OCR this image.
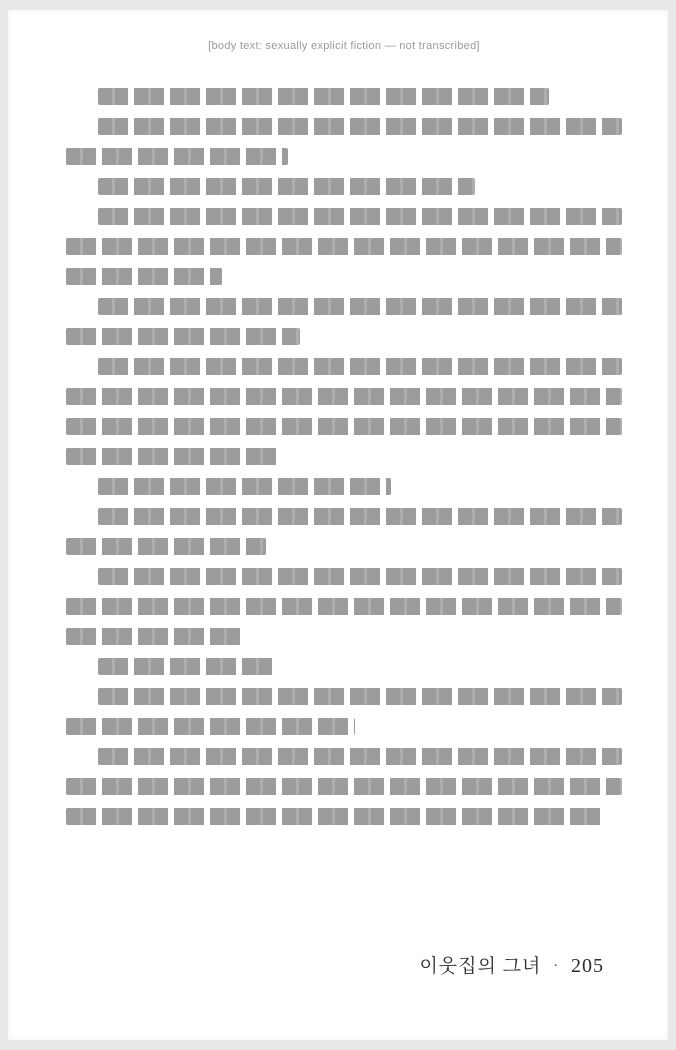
[body text: sexually explicit fiction — not transcribed]
이웃집의 그녀 · 205
